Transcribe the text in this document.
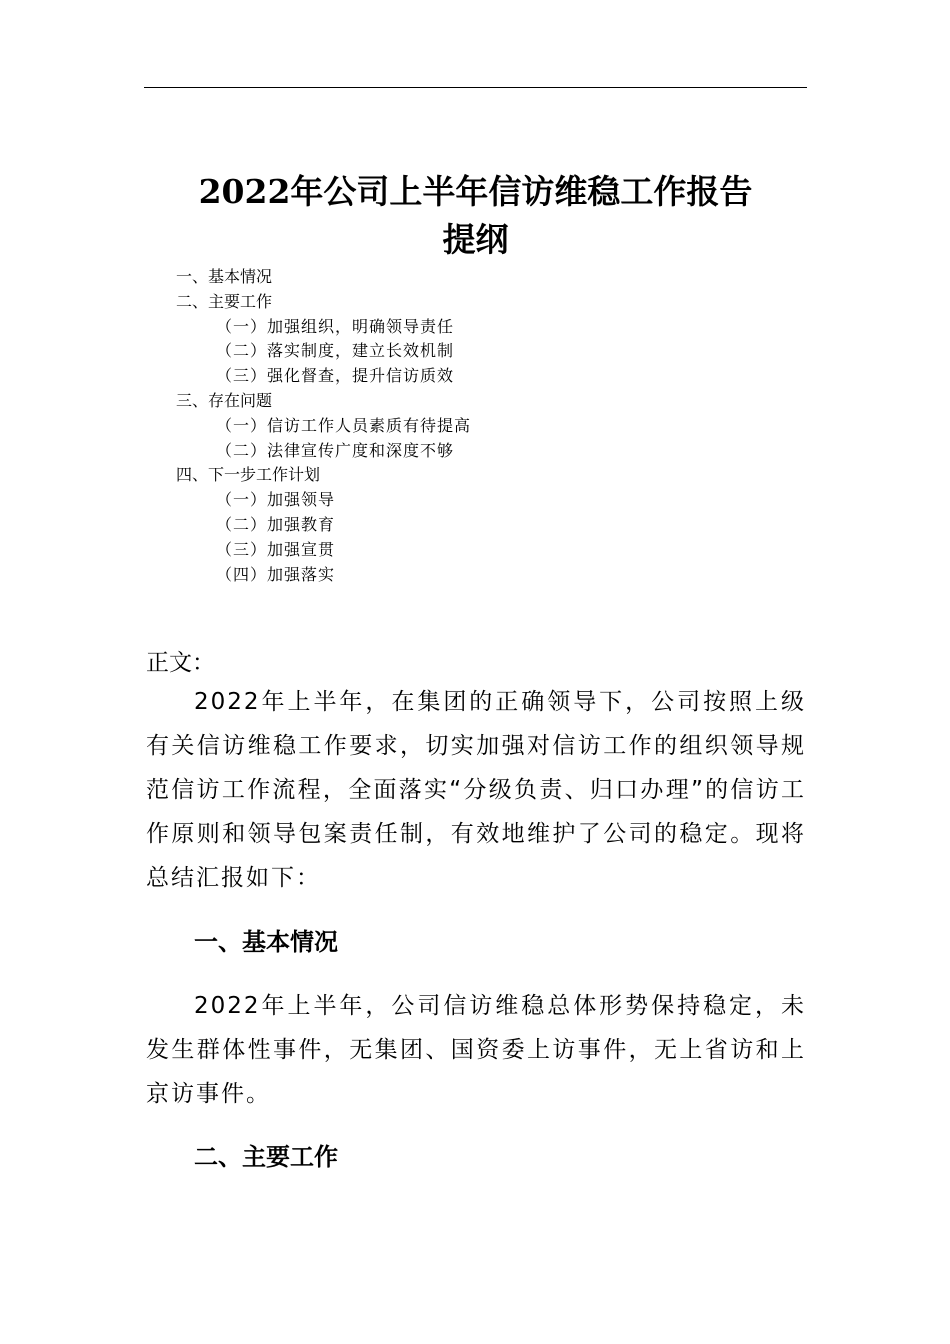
2022年公司上半年信访维稳工作报告
提纲
一、基本情况
二、主要工作
（一）加强组织，明确领导责任
（二）落实制度，建立长效机制
（三）强化督查，提升信访质效
三、存在问题
（一）信访工作人员素质有待提高
（二）法律宣传广度和深度不够
四、下一步工作计划
（一）加强领导
（二）加强教育
（三）加强宣贯
（四）加强落实

正文：

2022年上半年，在集团的正确领导下，公司按照上级有关信访维稳工作要求，切实加强对信访工作的组织领导规范信访工作流程，全面落实“分级负责、归口办理”的信访工作原则和领导包案责任制，有效地维护了公司的稳定。现将总结汇报如下：

一、基本情况

2022年上半年，公司信访维稳总体形势保持稳定，未发生群体性事件，无集团、国资委上访事件，无上省访和上京访事件。

二、主要工作
